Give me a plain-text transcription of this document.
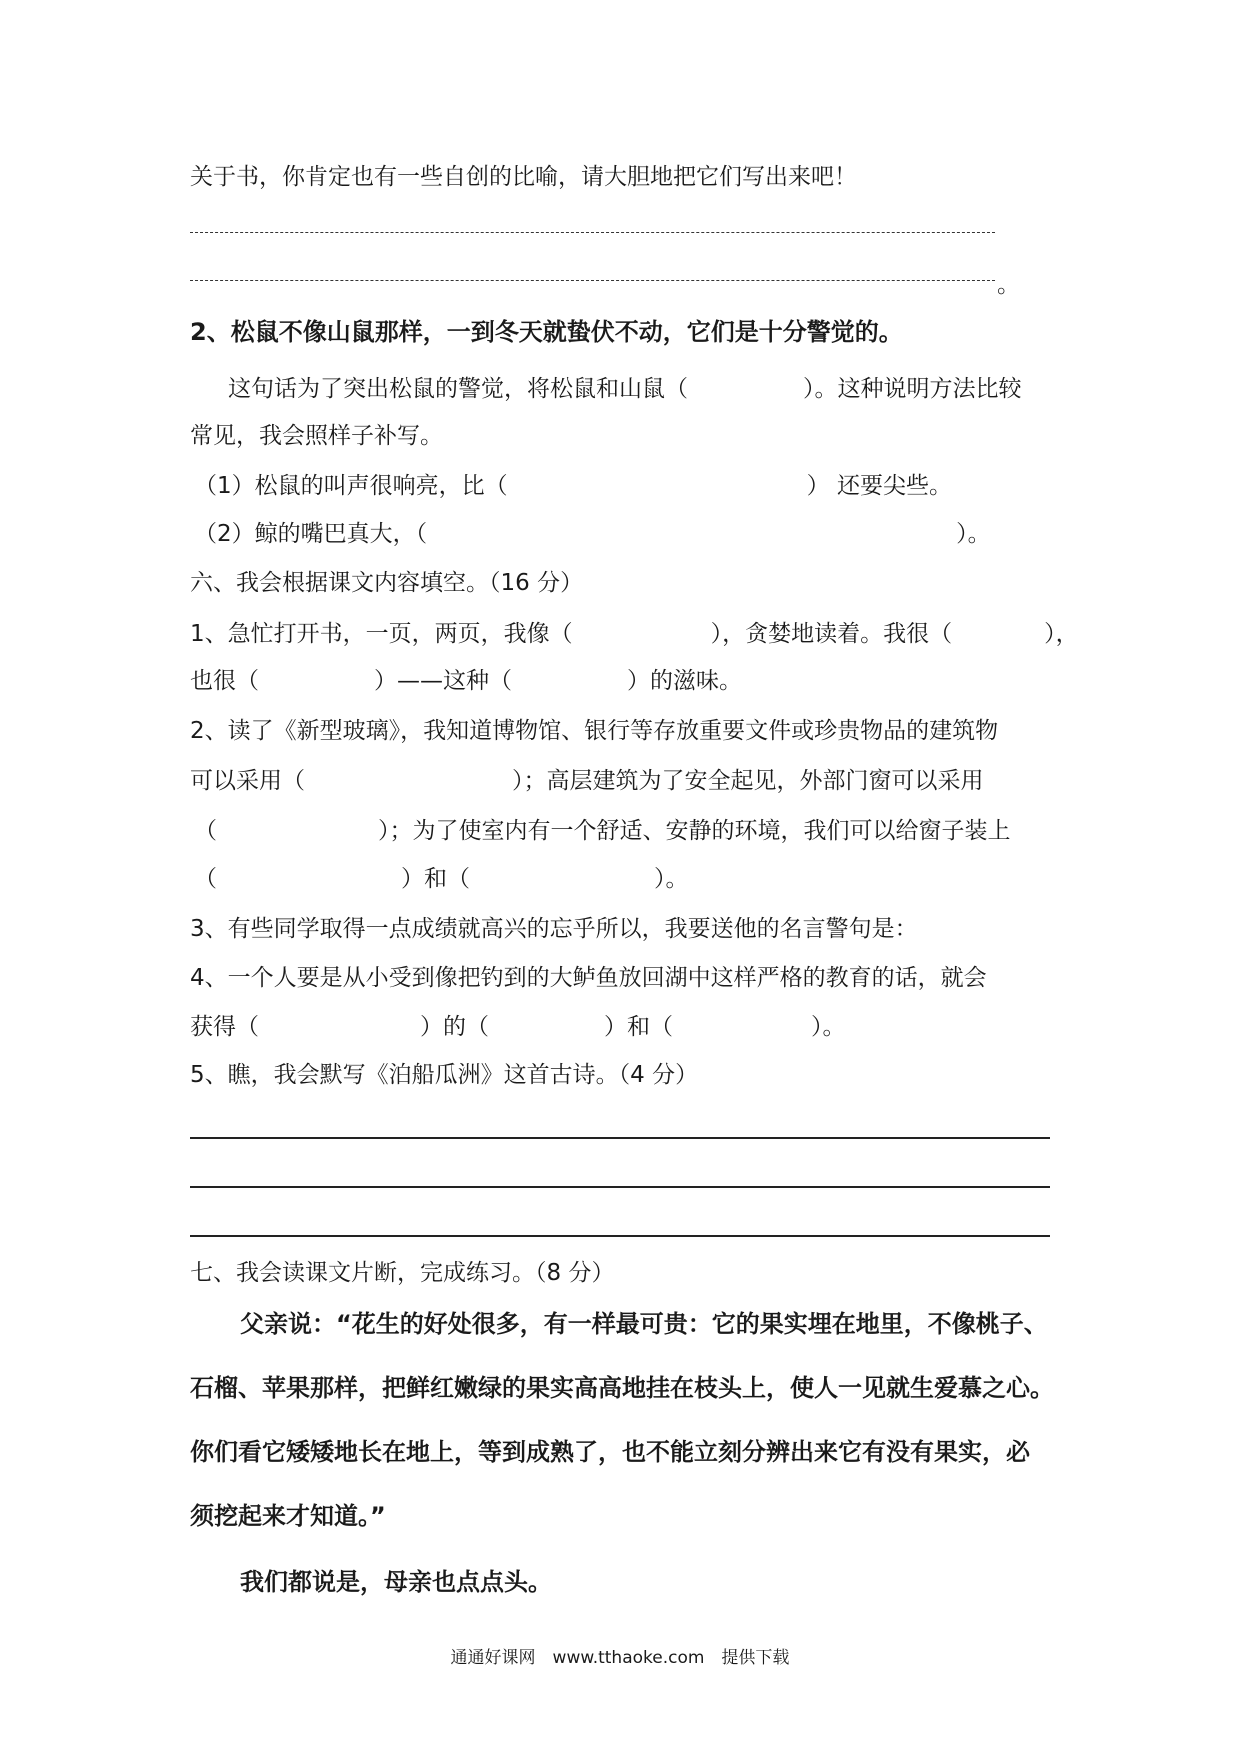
关于书，你肯定也有一些自创的比喻，请大胆地把它们写出来吧！
。
2、松鼠不像山鼠那样，一到冬天就蛰伏不动，它们是十分警觉的。
这句话为了突出松鼠的警觉，将松鼠和山鼠（　　　　　）。这种说明方法比较
常见，我会照样子补写。
（1）松鼠的叫声很响亮，比（　　　　　　　　　　　　　） 还要尖些。
（2）鲸的嘴巴真大，（　　　　　　　　　　　　　　　　　　　　　　　）。
六、我会根据课文内容填空。（16 分）
1、急忙打开书，一页，两页，我像（　　　　　　），贪婪地读着。我很（　　　　），
也很（　　　　　）——这种（　　　　　）的滋味。
2、读了《新型玻璃》，我知道博物馆、银行等存放重要文件或珍贵物品的建筑物
可以采用（　　　　　　　　　）；高层建筑为了安全起见，外部门窗可以采用
（　　　　　　　）；为了使室内有一个舒适、安静的环境，我们可以给窗子装上
（　　　　　　　　）和（　　　　　　　　）。
3、有些同学取得一点成绩就高兴的忘乎所以，我要送他的名言警句是：
4、一个人要是从小受到像把钓到的大鲈鱼放回湖中这样严格的教育的话，就会
获得（　　　　　　　）的（　　　　　）和（　　　　　　）。
5、瞧，我会默写《泊船瓜洲》这首古诗。（4 分）
七、我会读课文片断，完成练习。（8 分）
父亲说：“花生的好处很多，有一样最可贵：它的果实埋在地里，不像桃子、
石榴、苹果那样，把鲜红嫩绿的果实高高地挂在枝头上，使人一见就生爱慕之心。
你们看它矮矮地长在地上，等到成熟了，也不能立刻分辨出来它有没有果实，必
须挖起来才知道。”
我们都说是，母亲也点点头。
通通好课网　www.tthaoke.com　提供下载
